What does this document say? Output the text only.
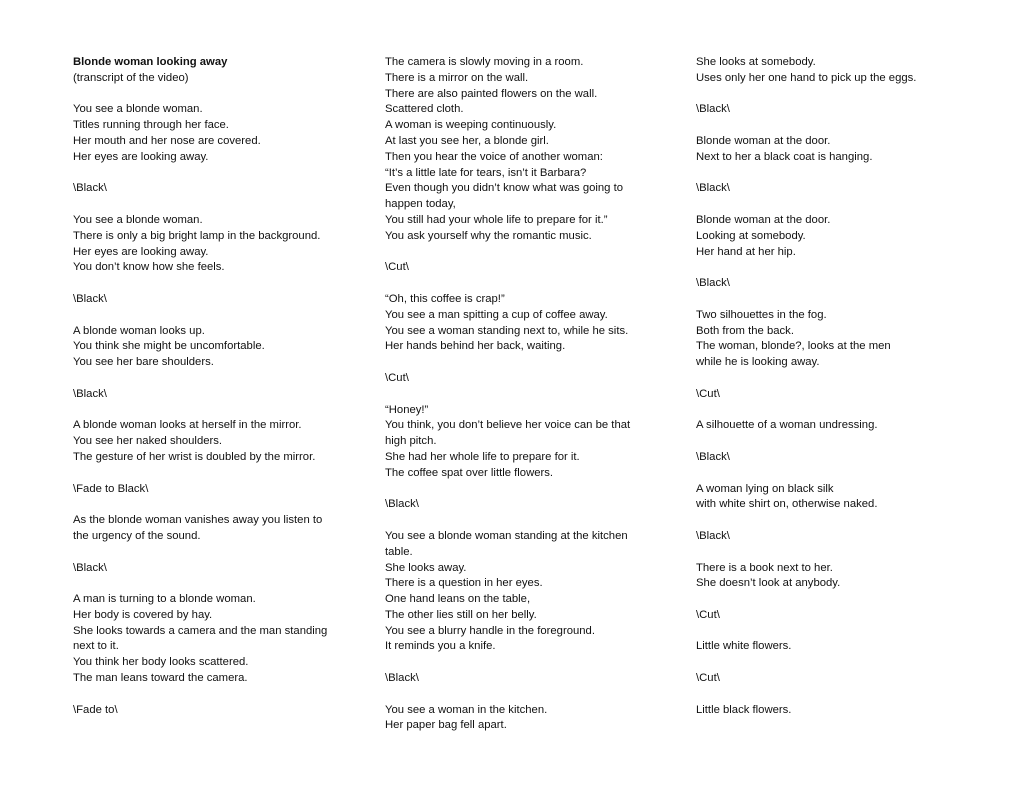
Blonde woman looking away
(transcript of the video)
You see a blonde woman.
Titles running through her face.
Her mouth and her nose are covered.
Her eyes are looking away.
\Black\
You see a blonde woman.
There is only a big bright lamp in the background.
Her eyes are looking away.
You don’t know how she feels.
\Black\
A blonde woman looks up.
You think she might be uncomfortable.
You see her bare shoulders.
\Black\
A blonde woman looks at herself in the mirror.
You see her naked shoulders.
The gesture of her wrist is doubled by the mirror.
\Fade to Black\
As the blonde woman vanishes away you listen to
the urgency of the sound.
\Black\
A man is turning to a blonde woman.
Her body is covered by hay.
She looks towards a camera and the man standing
next to it.
You think her body looks scattered.
The man leans toward the camera.
\Fade to\
The camera is slowly moving in a room.
There is a mirror on the wall.
There are also painted flowers on the wall.
Scattered cloth.
A woman is weeping continuously.
At last you see her, a blonde girl.
Then you hear the voice of another woman:
“It’s a little late for tears, isn’t it Barbara?
Even though you didn’t know what was going to
happen today,
You still had your whole life to prepare for it.”
You ask yourself why the romantic music.
\Cut\
“Oh, this coffee is crap!”
You see a man spitting a cup of coffee away.
You see a woman standing next to, while he sits.
Her hands behind her back, waiting.
\Cut\
“Honey!”
You think, you don’t believe her voice can be that
high pitch.
She had her whole life to prepare for it.
The coffee spat over little flowers.
\Black\
You see a blonde woman standing at the kitchen
table.
She looks away.
There is a question in her eyes.
One hand leans on the table,
The other lies still on her belly.
You see a blurry handle in the foreground.
It reminds you a knife.
\Black\
You see a woman in the kitchen.
Her paper bag fell apart.
She looks at somebody.
Uses only her one hand to pick up the eggs.
\Black\
Blonde woman at the door.
Next to her a black coat is hanging.
\Black\
Blonde woman at the door.
Looking at somebody.
Her hand at her hip.
\Black\
Two silhouettes in the fog.
Both from the back.
The woman, blonde?, looks at the men
while he is looking away.
\Cut\
A silhouette of a woman undressing.
\Black\
A woman lying on black silk
with white shirt on, otherwise naked.
\Black\
There is a book next to her.
She doesn’t look at anybody.
\Cut\
Little white flowers.
\Cut\
Little black flowers.
